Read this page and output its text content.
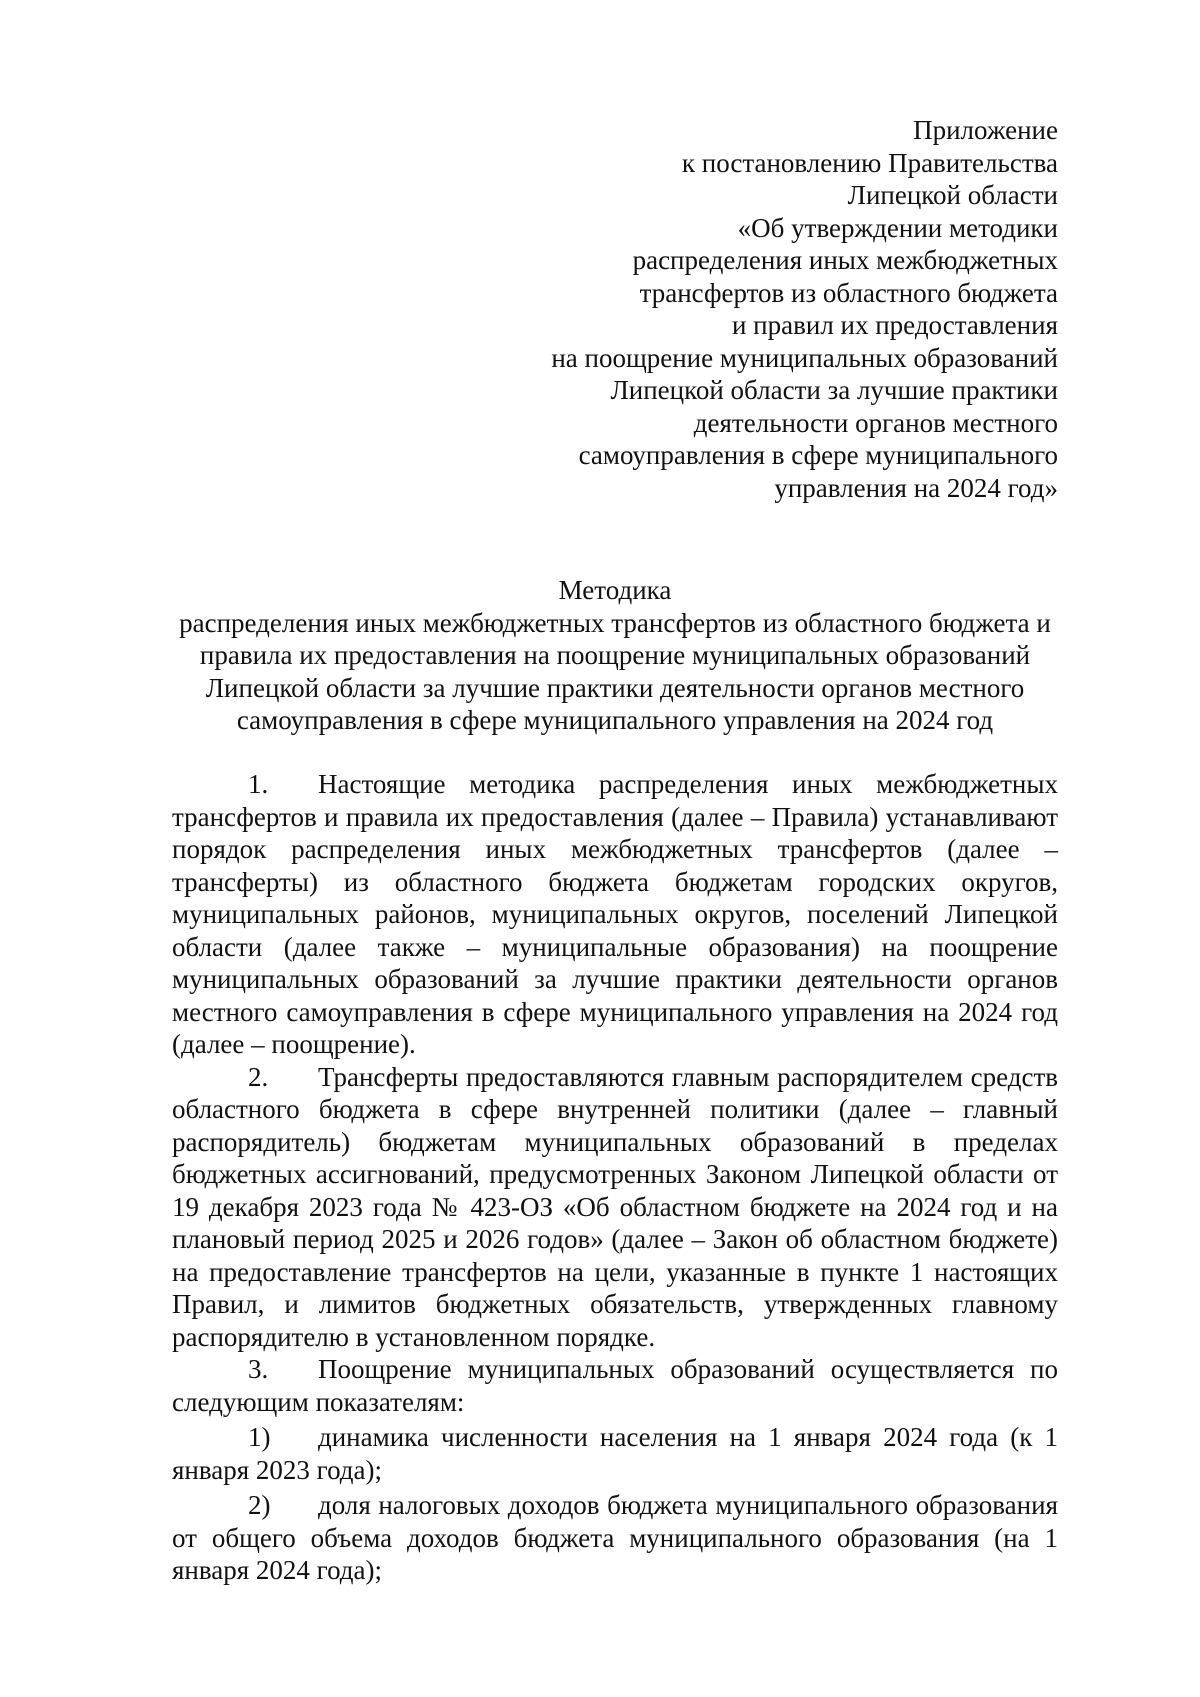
Приложение
к постановлению Правительства
Липецкой области
«Об утверждении методики
распределения иных межбюджетных
трансфертов из областного бюджета
и правил их предоставления
на поощрение муниципальных образований
Липецкой области за лучшие практики
деятельности органов местного
самоуправления в сфере муниципального
управления на 2024 год»
Методика
распределения иных межбюджетных трансфертов из областного бюджета и
правила их предоставления на поощрение муниципальных образований
Липецкой области за лучшие практики деятельности органов местного
самоуправления в сфере муниципального управления на 2024 год

1. Настоящие методика распределения иных межбюджетных трансфертов и правила их предоставления (далее – Правила) устанавливают порядок распределения иных межбюджетных трансфертов (далее – трансферты) из областного бюджета бюджетам городских округов, муниципальных районов, муниципальных округов, поселений Липецкой области (далее также – муниципальные образования) на поощрение муниципальных образований за лучшие практики деятельности органов местного самоуправления в сфере муниципального управления на 2024 год (далее – поощрение).

2. Трансферты предоставляются главным распорядителем средств областного бюджета в сфере внутренней политики (далее – главный распорядитель) бюджетам муниципальных образований в пределах бюджетных ассигнований, предусмотренных Законом Липецкой области от 19 декабря 2023 года № 423-ОЗ «Об областном бюджете на 2024 год и на плановый период 2025 и 2026 годов» (далее – Закон об областном бюджете) на предоставление трансфертов на цели, указанные в пункте 1 настоящих Правил, и лимитов бюджетных обязательств, утвержденных главному распорядителю в установленном порядке.

3. Поощрение муниципальных образований осуществляется по следующим показателям:

1) динамика численности населения на 1 января 2024 года (к 1 января 2023 года);

2) доля налоговых доходов бюджета муниципального образования от общего объема доходов бюджета муниципального образования (на 1 января 2024 года);
